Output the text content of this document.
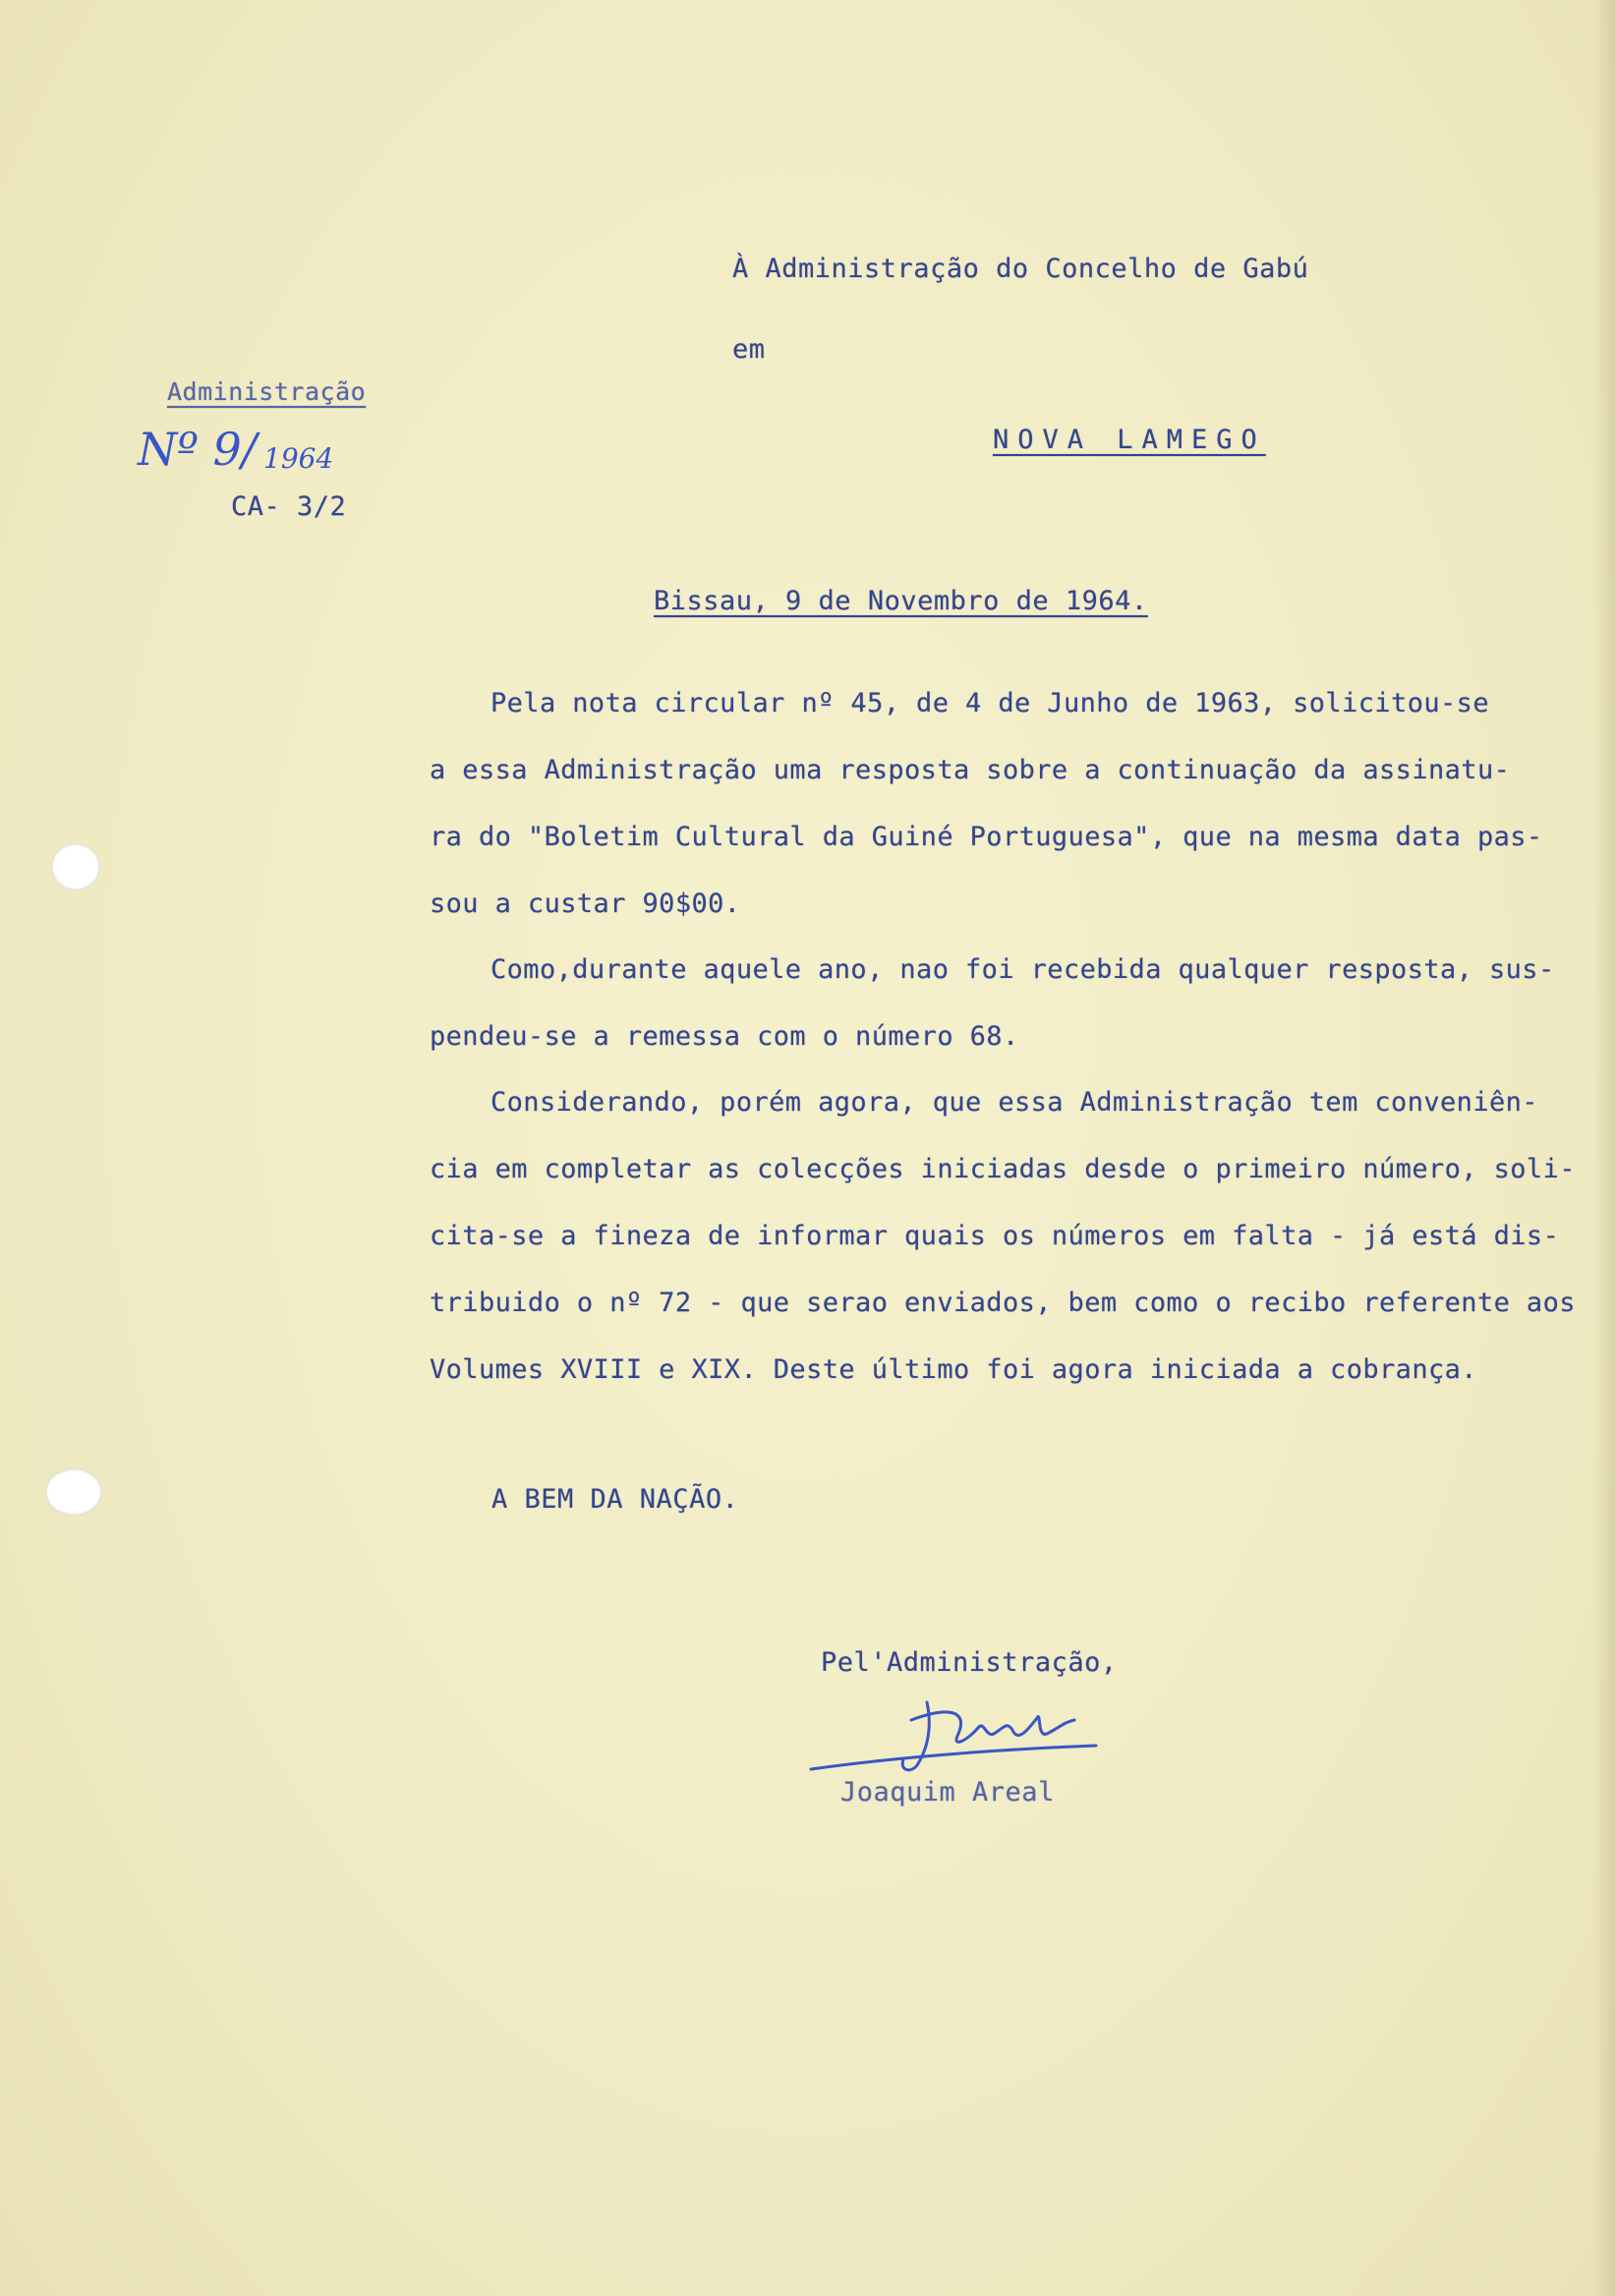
À Administração do Concelho de Gabú
em
NOVA LAMEGO
Administração
Nº 9/ 1964
CA- 3/2
Bissau, 9 de Novembro de 1964.
Pela nota circular nº 45, de 4 de Junho de 1963, solicitou-se
a essa Administração uma resposta sobre a continuação da assinatu-
ra do "Boletim Cultural da Guiné Portuguesa", que na mesma data pas-
sou a custar 90$00.
Como,durante aquele ano, nao foi recebida qualquer resposta, sus-
pendeu-se a remessa com o número 68.
Considerando, porém agora, que essa Administração tem conveniên-
cia em completar as colecções iniciadas desde o primeiro número, soli-
cita-se a fineza de informar quais os números em falta - já está dis-
tribuido o nº 72 - que serao enviados, bem como o recibo referente aos
Volumes XVIII e XIX. Deste último foi agora iniciada a cobrança.
A BEM DA NAÇÃO.
Pel'Administração,
Joaquim Areal
